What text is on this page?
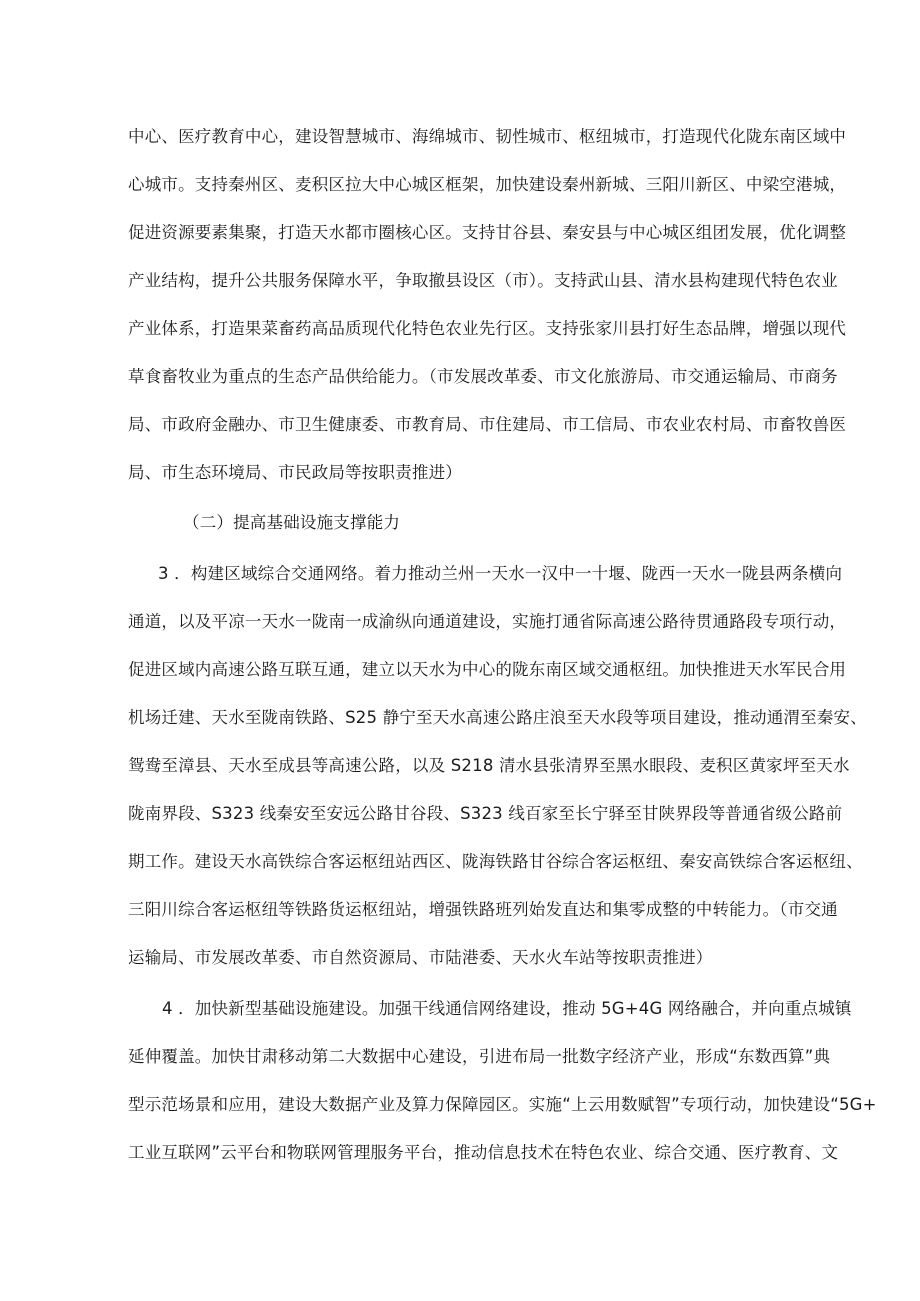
中心、医疗教育中心，建设智慧城市、海绵城市、韧性城市、枢纽城市，打造现代化陇东南区域中
心城市。支持秦州区、麦积区拉大中心城区框架，加快建设秦州新城、三阳川新区、中梁空港城，
促进资源要素集聚，打造天水都市圈核心区。支持甘谷县、秦安县与中心城区组团发展，优化调整
产业结构，提升公共服务保障水平，争取撤县设区（市）。支持武山县、清水县构建现代特色农业
产业体系，打造果菜畜药高品质现代化特色农业先行区。支持张家川县打好生态品牌，增强以现代
草食畜牧业为重点的生态产品供给能力。（市发展改革委、市文化旅游局、市交通运输局、市商务
局、市政府金融办、市卫生健康委、市教育局、市住建局、市工信局、市农业农村局、市畜牧兽医
局、市生态环境局、市民政局等按职责推进）
（二）提高基础设施支撑能力
3 ．构建区域综合交通网络。着力推动兰州一天水一汉中一十堰、陇西一天水一陇县两条横向
通道，以及平凉一天水一陇南一成渝纵向通道建设，实施打通省际高速公路待贯通路段专项行动，
促进区域内高速公路互联互通，建立以天水为中心的陇东南区域交通枢纽。加快推进天水军民合用
机场迁建、天水至陇南铁路、S25 静宁至天水高速公路庄浪至天水段等项目建设，推动通渭至秦安、
鸳鸯至漳县、天水至成县等高速公路，以及 S218 清水县张清界至黑水眼段、麦积区黄家坪至天水
陇南界段、S323 线秦安至安远公路甘谷段、S323 线百家至长宁驿至甘陕界段等普通省级公路前
期工作。建设天水高铁综合客运枢纽站西区、陇海铁路甘谷综合客运枢纽、秦安高铁综合客运枢纽、
三阳川综合客运枢纽等铁路货运枢纽站，增强铁路班列始发直达和集零成整的中转能力。（市交通
运输局、市发展改革委、市自然资源局、市陆港委、天水火车站等按职责推进）
4 ．加快新型基础设施建设。加强干线通信网络建设，推动 5G+4G 网络融合，并向重点城镇
延伸覆盖。加快甘肃移动第二大数据中心建设，引进布局一批数字经济产业，形成“东数西算”典
型示范场景和应用，建设大数据产业及算力保障园区。实施“上云用数赋智”专项行动，加快建设“5G+
工业互联网”云平台和物联网管理服务平台，推动信息技术在特色农业、综合交通、医疗教育、文
